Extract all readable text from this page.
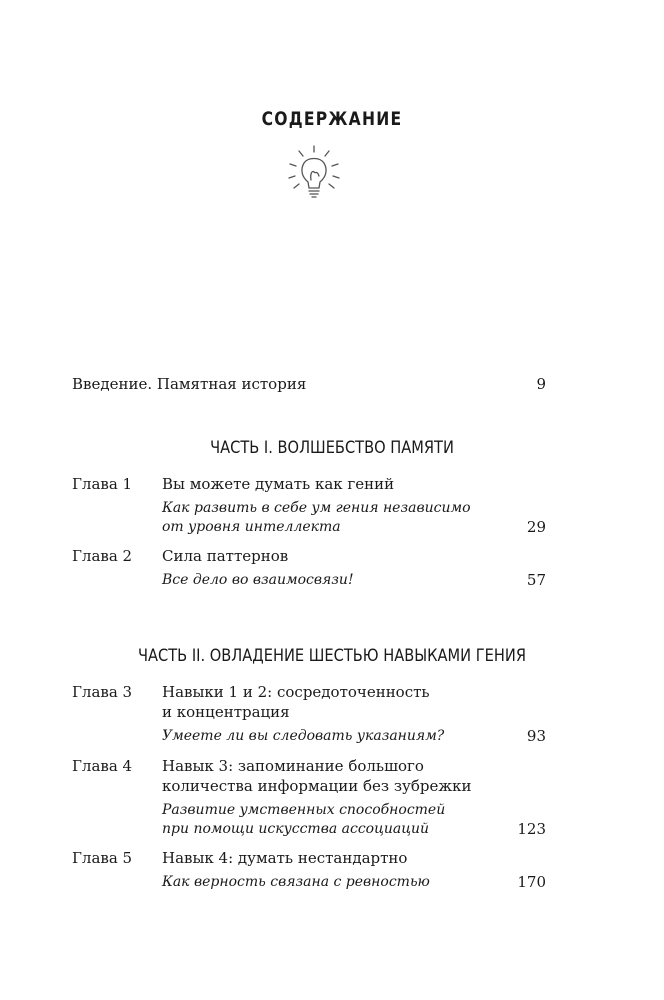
СОДЕРЖАНИЕ
Введение. Памятная история	9
ЧАСТЬ I. ВОЛШЕБСТВО ПАМЯТИ
Глава 1 Вы можете думать как гений
Как развить в себе ум гения независимо
от уровня интеллекта	29
Глава 2 Сила паттернов
Все дело во взаимосвязи!	57
ЧАСТЬ II. ОВЛАДЕНИЕ ШЕСТЬЮ НАВЫКАМИ ГЕНИЯ
Глава 3 Навыки 1 и 2: сосредоточенность
и концентрация
Умеете ли вы следовать указаниям?	93
Глава 4 Навык 3: запоминание большого
количества информации без зубрежки
Развитие умственных способностей
при помощи искусства ассоциаций	123
Глава 5 Навык 4: думать нестандартно
Как верность связана с ревностью	170
